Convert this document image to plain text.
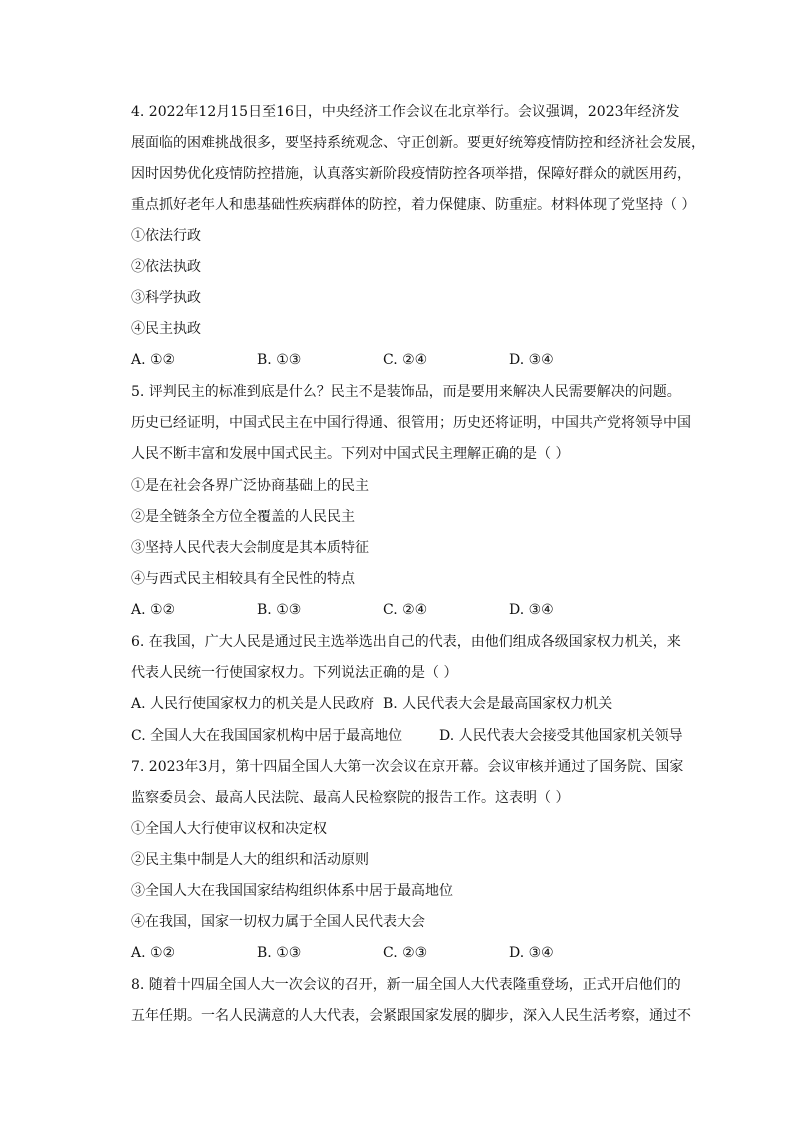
4. 2022年12月15日至16日，中央经济工作会议在北京举行。会议强调，2023年经济发
展面临的困难挑战很多，要坚持系统观念、守正创新。要更好统筹疫情防控和经济社会发展，
因时因势优化疫情防控措施，认真落实新阶段疫情防控各项举措，保障好群众的就医用药，
重点抓好老年人和患基础性疾病群体的防控，着力保健康、防重症。材料体现了党坚持（ ）
①依法行政
②依法执政
③科学执政
④民主执政
A. ①②	B. ①③	C. ②④	D. ③④
5. 评判民主的标准到底是什么？民主不是装饰品，而是要用来解决人民需要解决的问题。
历史已经证明，中国式民主在中国行得通、很管用；历史还将证明，中国共产党将领导中国
人民不断丰富和发展中国式民主。下列对中国式民主理解正确的是（ ）
①是在社会各界广泛协商基础上的民主
②是全链条全方位全覆盖的人民民主
③坚持人民代表大会制度是其本质特征
④与西式民主相较具有全民性的特点
A. ①②	B. ①③	C. ②④	D. ③④
6. 在我国，广大人民是通过民主选举选出自己的代表，由他们组成各级国家权力机关，来
代表人民统一行使国家权力。下列说法正确的是（ ）
A. 人民行使国家权力的机关是人民政府 B. 人民代表大会是最高国家权力机关
C. 全国人大在我国国家机构中居于最高地位	D. 人民代表大会接受其他国家机关领导
7. 2023年3月，第十四届全国人大第一次会议在京开幕。会议审核并通过了国务院、国家
监察委员会、最高人民法院、最高人民检察院的报告工作。这表明（ ）
①全国人大行使审议权和决定权
②民主集中制是人大的组织和活动原则
③全国人大在我国国家结构组织体系中居于最高地位
④在我国，国家一切权力属于全国人民代表大会
A. ①②	B. ①③	C. ②③	D. ③④
8. 随着十四届全国人大一次会议的召开，新一届全国人大代表隆重登场，正式开启他们的
五年任期。一名人民满意的人大代表，会紧跟国家发展的脚步，深入人民生活考察，通过不
